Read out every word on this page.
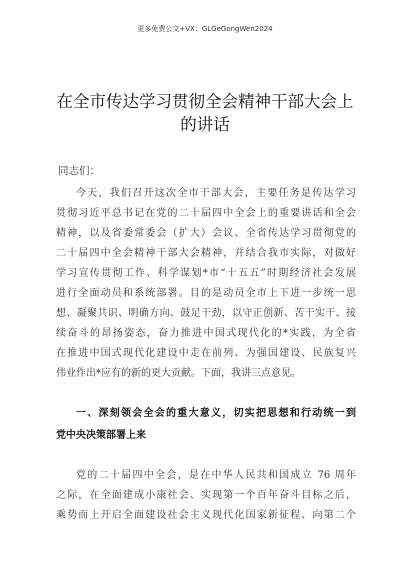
更多免费公文+VX：GLGeGongWen2024
在全市传达学习贯彻全会精神干部大会上
的讲话
同志们：
今天，我们召开这次全市干部大会，主要任务是传达学习
贯彻习近平总书记在党的二十届四中全会上的重要讲话和全会
精神，以及省委常委会（扩大）会议、全省传达学习贯彻党的
二十届四中全会精神干部大会精神，并结合我市实际，对做好
学习宣传贯彻工作、科学谋划*市“十五五”时期经济社会发展
进行全面动员和系统部署。目的是动员全市上下进一步统一思
想、凝聚共识、明确方向、鼓足干劲，以守正创新、苦干实干、接
续奋斗的昂扬姿态，奋力推进中国式现代化的*实践，为全省
在推进中国式现代化建设中走在前列、为强国建设、民族复兴
伟业作出*应有的新的更大贡献。下面，我讲三点意见。
一、深刻领会全会的重大意义，切实把思想和行动统一到
党中央决策部署上来
党的二十届四中全会，是在中华人民共和国成立 76 周年
之际，在全面建成小康社会、实现第一个百年奋斗目标之后，
乘势而上开启全面建设社会主义现代化国家新征程、向第二个
